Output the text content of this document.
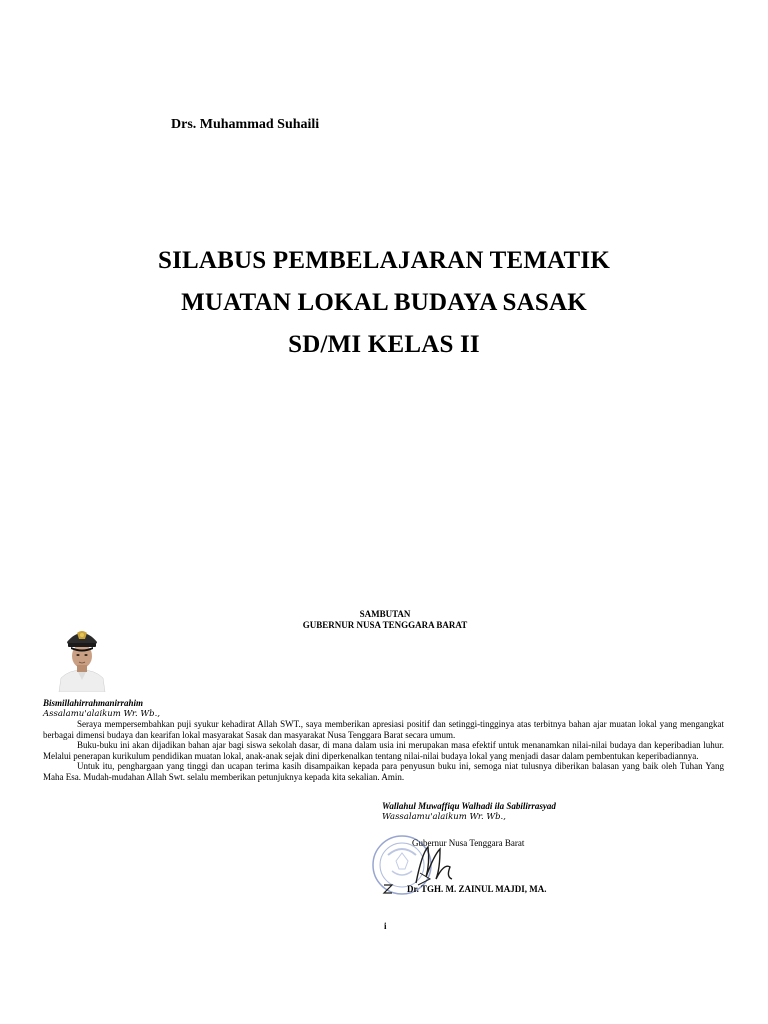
Drs. Muhammad Suhaili
SILABUS PEMBELAJARAN TEMATIK
MUATAN LOKAL BUDAYA SASAK
SD/MI KELAS II
SAMBUTAN
GUBERNUR NUSA TENGGARA BARAT
Bismillahirrahmanirrahim
Assalamu'alaikum Wr. Wb.,

Seraya mempersembahkan puji syukur kehadirat Allah SWT., saya memberikan apresiasi positif dan setinggi-tingginya atas terbitnya bahan ajar muatan lokal yang mengangkat berbagai dimensi budaya dan kearifan lokal masyarakat Sasak dan masyarakat Nusa Tenggara Barat secara umum.

Buku-buku ini akan dijadikan bahan ajar bagi siswa sekolah dasar, di mana dalam usia ini merupakan masa efektif untuk menanamkan nilai-nilai budaya dan keperibadian luhur. Melalui penerapan kurikulum pendidikan muatan lokal, anak-anak sejak dini diperkenalkan tentang nilai-nilai budaya lokal yang menjadi dasar dalam pembentukan keperibadiannya.

Untuk itu, penghargaan yang tinggi dan ucapan terima kasih disampaikan kepada para penyusun buku ini, semoga niat tulusnya diberikan balasan yang baik oleh Tuhan Yang Maha Esa. Mudah-mudahan Allah Swt. selalu memberikan petunjuknya kepada kita sekalian. Amin.

Wallahul Muwaffiqu Walhadi ila Sabilirrasyad
Wassalamu'alaikum Wr. Wb.,
Gubernur Nusa Tenggara Barat
Dr. TGH. M. ZAINUL MAJDI, MA.
i
